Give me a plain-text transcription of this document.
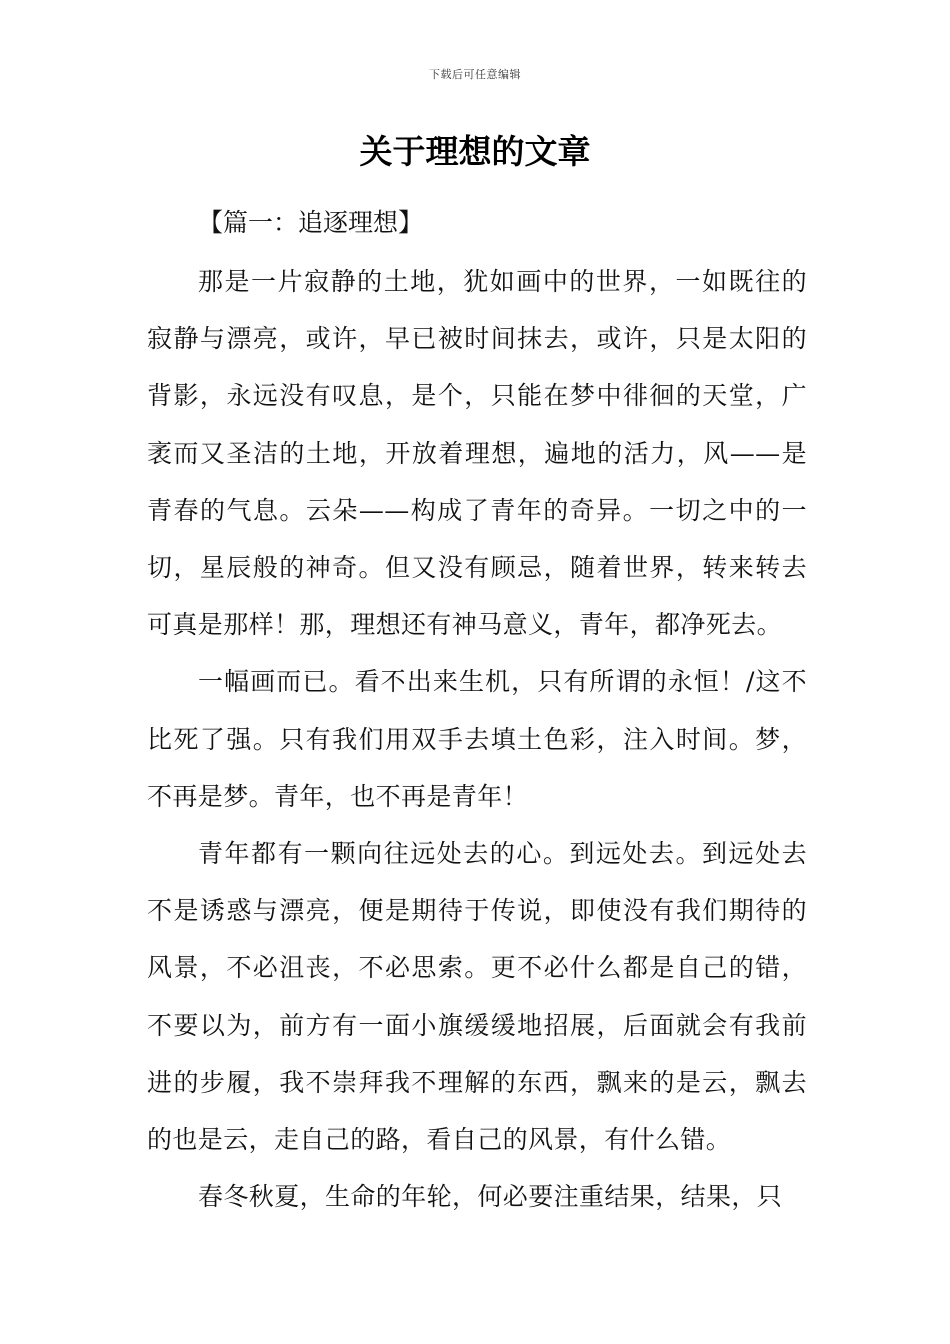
下载后可任意编辑
关于理想的文章
【篇一：追逐理想】

那是一片寂静的土地，犹如画中的世界，一如既往的寂静与漂亮，或许，早已被时间抹去，或许，只是太阳的背影，永远没有叹息，是个，只能在梦中徘徊的天堂，广袤而又圣洁的土地，开放着理想，遍地的活力，风——是青春的气息。云朵——构成了青年的奇异。一切之中的一切，星辰般的神奇。但又没有顾忌，随着世界，转来转去可真是那样！那，理想还有神马意义，青年，都净死去。

一幅画而已。看不出来生机，只有所谓的永恒！/这不比死了强。只有我们用双手去填土色彩，注入时间。梦，不再是梦。青年，也不再是青年！

青年都有一颗向往远处去的心。到远处去。到远处去不是诱惑与漂亮，便是期待于传说，即使没有我们期待的风景，不必沮丧，不必思索。更不必什么都是自己的错，不要以为，前方有一面小旗缓缓地招展，后面就会有我前进的步履，我不崇拜我不理解的东西，飘来的是云，飘去的也是云，走自己的路，看自己的风景，有什么错。

春冬秋夏，生命的年轮，何必要注重结果，结果，只
